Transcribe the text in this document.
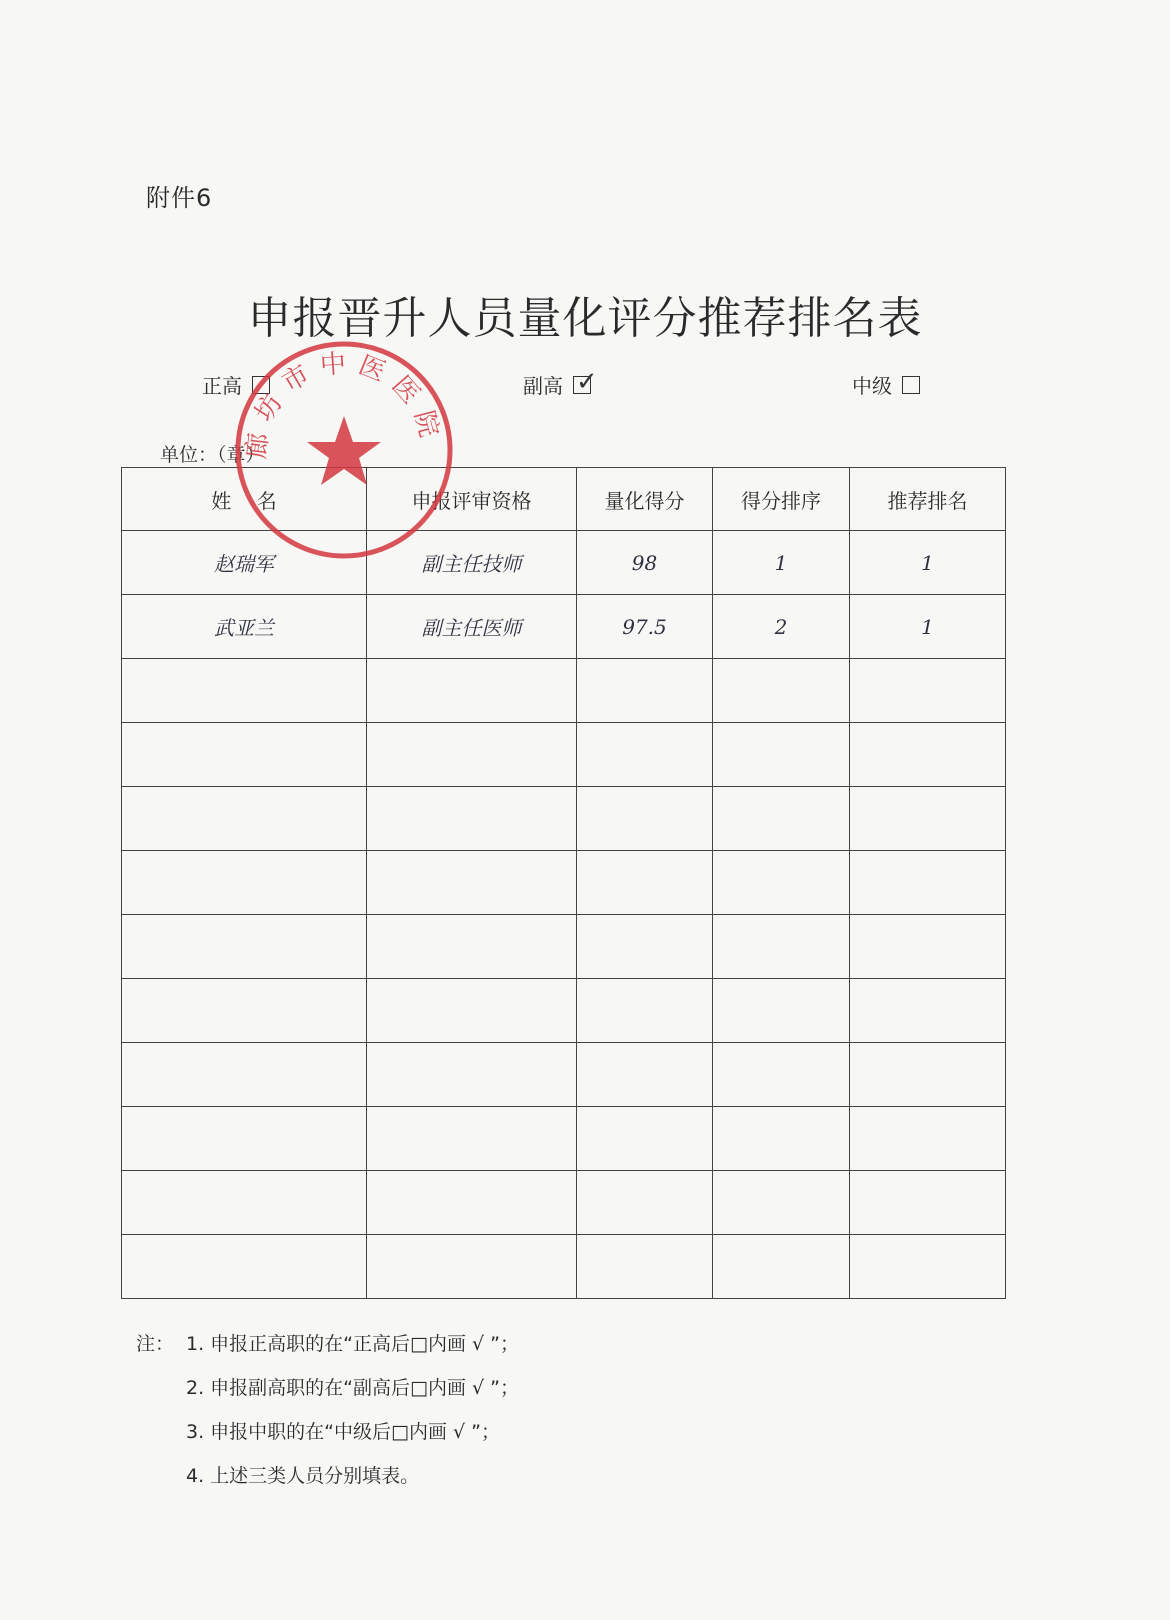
附件6
申报晋升人员量化评分推荐排名表
正高	副高 ✓	中级
单位：（章）
姓    名	申报评审资格	量化得分	得分排序	推荐排名
赵瑞军	副主任技师	98	1	1
武亚兰	副主任医师	97.5	2	1

注： 1. 申报正高职的在“正高后□内画 √ ”；
2. 申报副高职的在“副高后□内画 √ ”；
3. 申报中职的在“中级后□内画 √ ”；
4. 上述三类人员分别填表。
廊坊市中医医院
